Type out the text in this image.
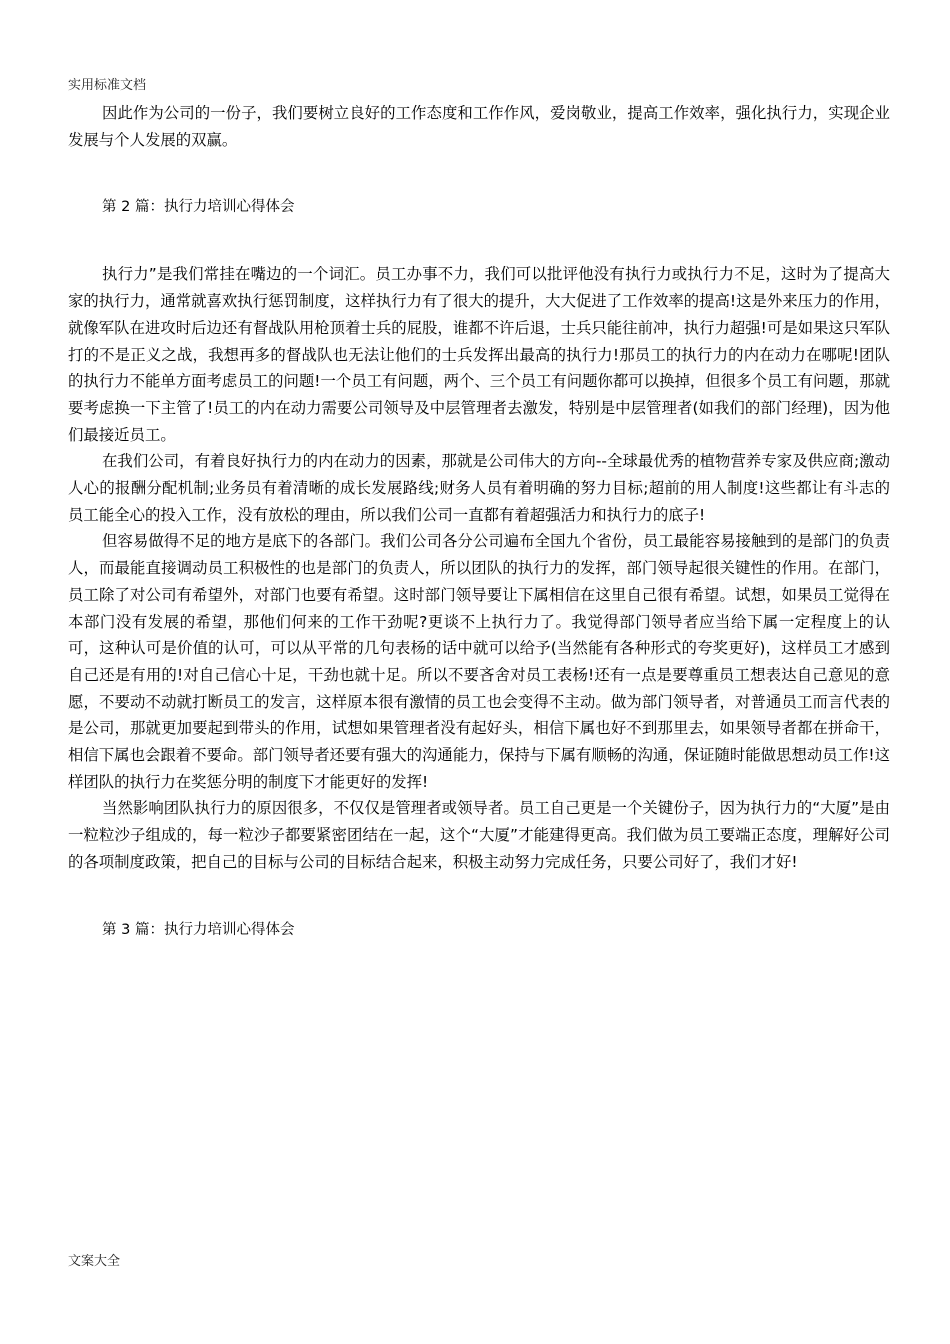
实用标准文档

因此作为公司的一份子，我们要树立良好的工作态度和工作作风，爱岗敬业，提高工作效率，强化执行力，实现企业发展与个人发展的双赢。

第 2 篇：执行力培训心得体会

执行力”是我们常挂在嘴边的一个词汇。员工办事不力，我们可以批评他没有执行力或执行力不足，这时为了提高大家的执行力，通常就喜欢执行惩罚制度，这样执行力有了很大的提升，大大促进了工作效率的提高!这是外来压力的作用，就像军队在进攻时后边还有督战队用枪顶着士兵的屁股，谁都不许后退，士兵只能往前冲，执行力超强!可是如果这只军队打的不是正义之战，我想再多的督战队也无法让他们的士兵发挥出最高的执行力!那员工的执行力的内在动力在哪呢!团队的执行力不能单方面考虑员工的问题!一个员工有问题，两个、三个员工有问题你都可以换掉，但很多个员工有问题，那就要考虑换一下主管了!员工的内在动力需要公司领导及中层管理者去激发，特别是中层管理者(如我们的部门经理)，因为他们最接近员工。

在我们公司，有着良好执行力的内在动力的因素，那就是公司伟大的方向--全球最优秀的植物营养专家及供应商;激动人心的报酬分配机制;业务员有着清晰的成长发展路线;财务人员有着明确的努力目标;超前的用人制度!这些都让有斗志的员工能全心的投入工作，没有放松的理由，所以我们公司一直都有着超强活力和执行力的底子!

但容易做得不足的地方是底下的各部门。我们公司各分公司遍布全国九个省份，员工最能容易接触到的是部门的负责人，而最能直接调动员工积极性的也是部门的负责人，所以团队的执行力的发挥，部门领导起很关键性的作用。在部门，员工除了对公司有希望外，对部门也要有希望。这时部门领导要让下属相信在这里自己很有希望。试想，如果员工觉得在本部门没有发展的希望，那他们何来的工作干劲呢?更谈不上执行力了。我觉得部门领导者应当给下属一定程度上的认可，这种认可是价值的认可，可以从平常的几句表杨的话中就可以给予(当然能有各种形式的夸奖更好)，这样员工才感到自己还是有用的!对自己信心十足，干劲也就十足。所以不要吝舍对员工表杨!还有一点是要尊重员工想表达自己意见的意愿，不要动不动就打断员工的发言，这样原本很有激情的员工也会变得不主动。做为部门领导者，对普通员工而言代表的是公司，那就更加要起到带头的作用，试想如果管理者没有起好头，相信下属也好不到那里去，如果领导者都在拼命干，相信下属也会跟着不要命。部门领导者还要有强大的沟通能力，保持与下属有顺畅的沟通，保证随时能做思想动员工作!这样团队的执行力在奖惩分明的制度下才能更好的发挥!

当然影响团队执行力的原因很多，不仅仅是管理者或领导者。员工自己更是一个关键份子，因为执行力的“大厦”是由一粒粒沙子组成的，每一粒沙子都要紧密团结在一起，这个“大厦”才能建得更高。我们做为员工要端正态度，理解好公司的各项制度政策，把自己的目标与公司的目标结合起来，积极主动努力完成任务，只要公司好了，我们才好!

第 3 篇：执行力培训心得体会

文案大全
